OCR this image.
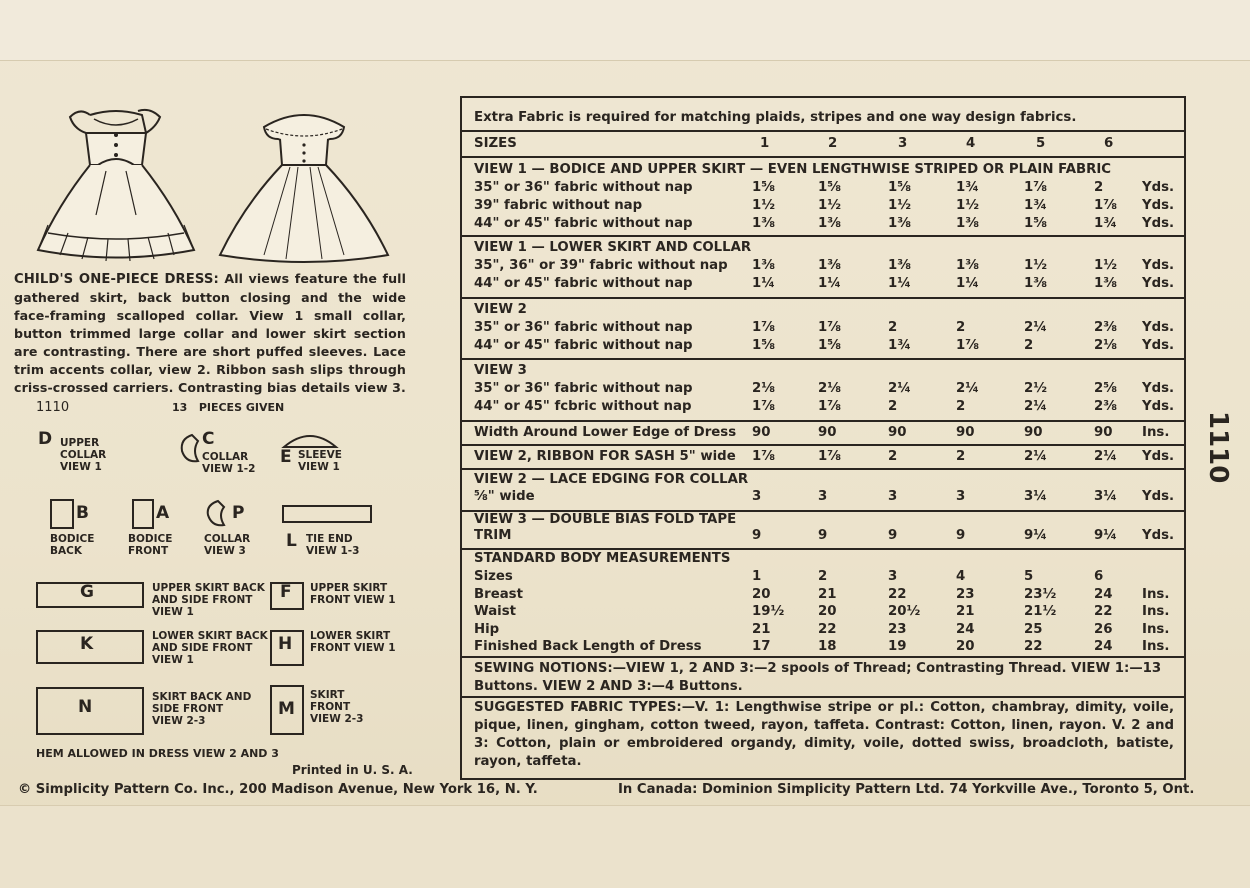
CHILD'S ONE-PIECE DRESS: All views feature the full gathered skirt, back button closing and the wide face-framing scalloped collar. View 1 small collar, button trimmed large collar and lower skirt section are contrasting. There are short puffed sleeves. Lace trim accents collar, view 2. Ribbon sash slips through criss-crossed carriers. Contrasting bias details view 3.
1110	13 PIECES GIVEN
D UPPER COLLAR VIEW 1
C
COLLAR VIEW 1-2
E SLEEVE VIEW 1
B
BODICE BACK
A
BODICE FRONT
P
COLLAR VIEW 3	L TIE END VIEW 1-3
G	UPPER SKIRT BACK AND SIDE FRONT VIEW 1
F UPPER SKIRT FRONT VIEW 1
K	LOWER SKIRT BACK AND SIDE FRONT VIEW 1
H LOWER SKIRT FRONT VIEW 1
N	SKIRT BACK AND SIDE FRONT VIEW 2-3
M
SKIRT FRONT VIEW 2-3
HEM ALLOWED IN DRESS VIEW 2 AND 3
Printed in U. S. A.
Extra Fabric is required for matching plaids, stripes and one way design fabrics.
SIZES	1	2	3	4	5	6
VIEW 1 — BODICE AND UPPER SKIRT — EVEN LENGTHWISE STRIPED OR PLAIN FABRIC
35" or 36" fabric without nap	1⅝	1⅝	1⅝	1¾	1⅞	2	Yds.
39" fabric without nap	1½	1½	1½	1½	1¾	1⅞ Yds.
44" or 45" fabric without nap	1⅜	1⅜	1⅜	1⅜	1⅝	1¾ Yds.
VIEW 1 — LOWER SKIRT AND COLLAR
35", 36" or 39" fabric without nap 1⅜	1⅜	1⅜	1⅜	1½	1½ Yds.
44" or 45" fabric without nap	1¼	1¼	1¼	1¼	1⅜	1⅜ Yds.
VIEW 2
35" or 36" fabric without nap	1⅞	1⅞	2	2	2¼	2⅜ Yds.
44" or 45" fabric without nap	1⅝	1⅝	1¾	1⅞	2	2⅛ Yds.
VIEW 3
35" or 36" fabric without nap	2⅛	2⅛	2¼	2¼	2½	2⅝ Yds.
44" or 45" fcbric without nap	1⅞	1⅞	2	2	2¼	2⅜ Yds.
Width Around Lower Edge of Dress 90	90	90	90	90	90 Ins.
VIEW 2, RIBBON FOR SASH 5" wide 1⅞	1⅞	2	2	2¼	2¼ Yds.
VIEW 2 — LACE EDGING FOR COLLAR
⅝" wide	3	3	3	3	3¼	3¼ Yds.
VIEW 3 — DOUBLE BIAS FOLD TAPE
TRIM	9	9	9	9	9¼	9¼ Yds.
STANDARD BODY MEASUREMENTS
Sizes	1	2	3	4	5	6
Breast	20	21	22	23	23½	24 Ins.
Waist	19½	20	20½	21	21½	22 Ins.
Hip	21	22	23	24	25	26 Ins.
Finished Back Length of Dress	17	18	19	20	22	24 Ins.
SEWING NOTIONS:—VIEW 1, 2 AND 3:—2 spools of Thread; Contrasting Thread. VIEW 1:—13 Buttons. VIEW 2 AND 3:—4 Buttons.
SUGGESTED FABRIC TYPES:—V. 1: Lengthwise stripe or pl.: Cotton, chambray, dimity, voile, pique, linen, gingham, cotton tweed, rayon, taffeta. Contrast: Cotton, linen, rayon. V. 2 and 3: Cotton, plain or embroidered organdy, dimity, voile, dotted swiss, broadcloth, batiste, rayon, taffeta.
1110
© Simplicity Pattern Co. Inc., 200 Madison Avenue, New York 16, N. Y.	In Canada: Dominion Simplicity Pattern Ltd. 74 Yorkville Ave., Toronto 5, Ont.
